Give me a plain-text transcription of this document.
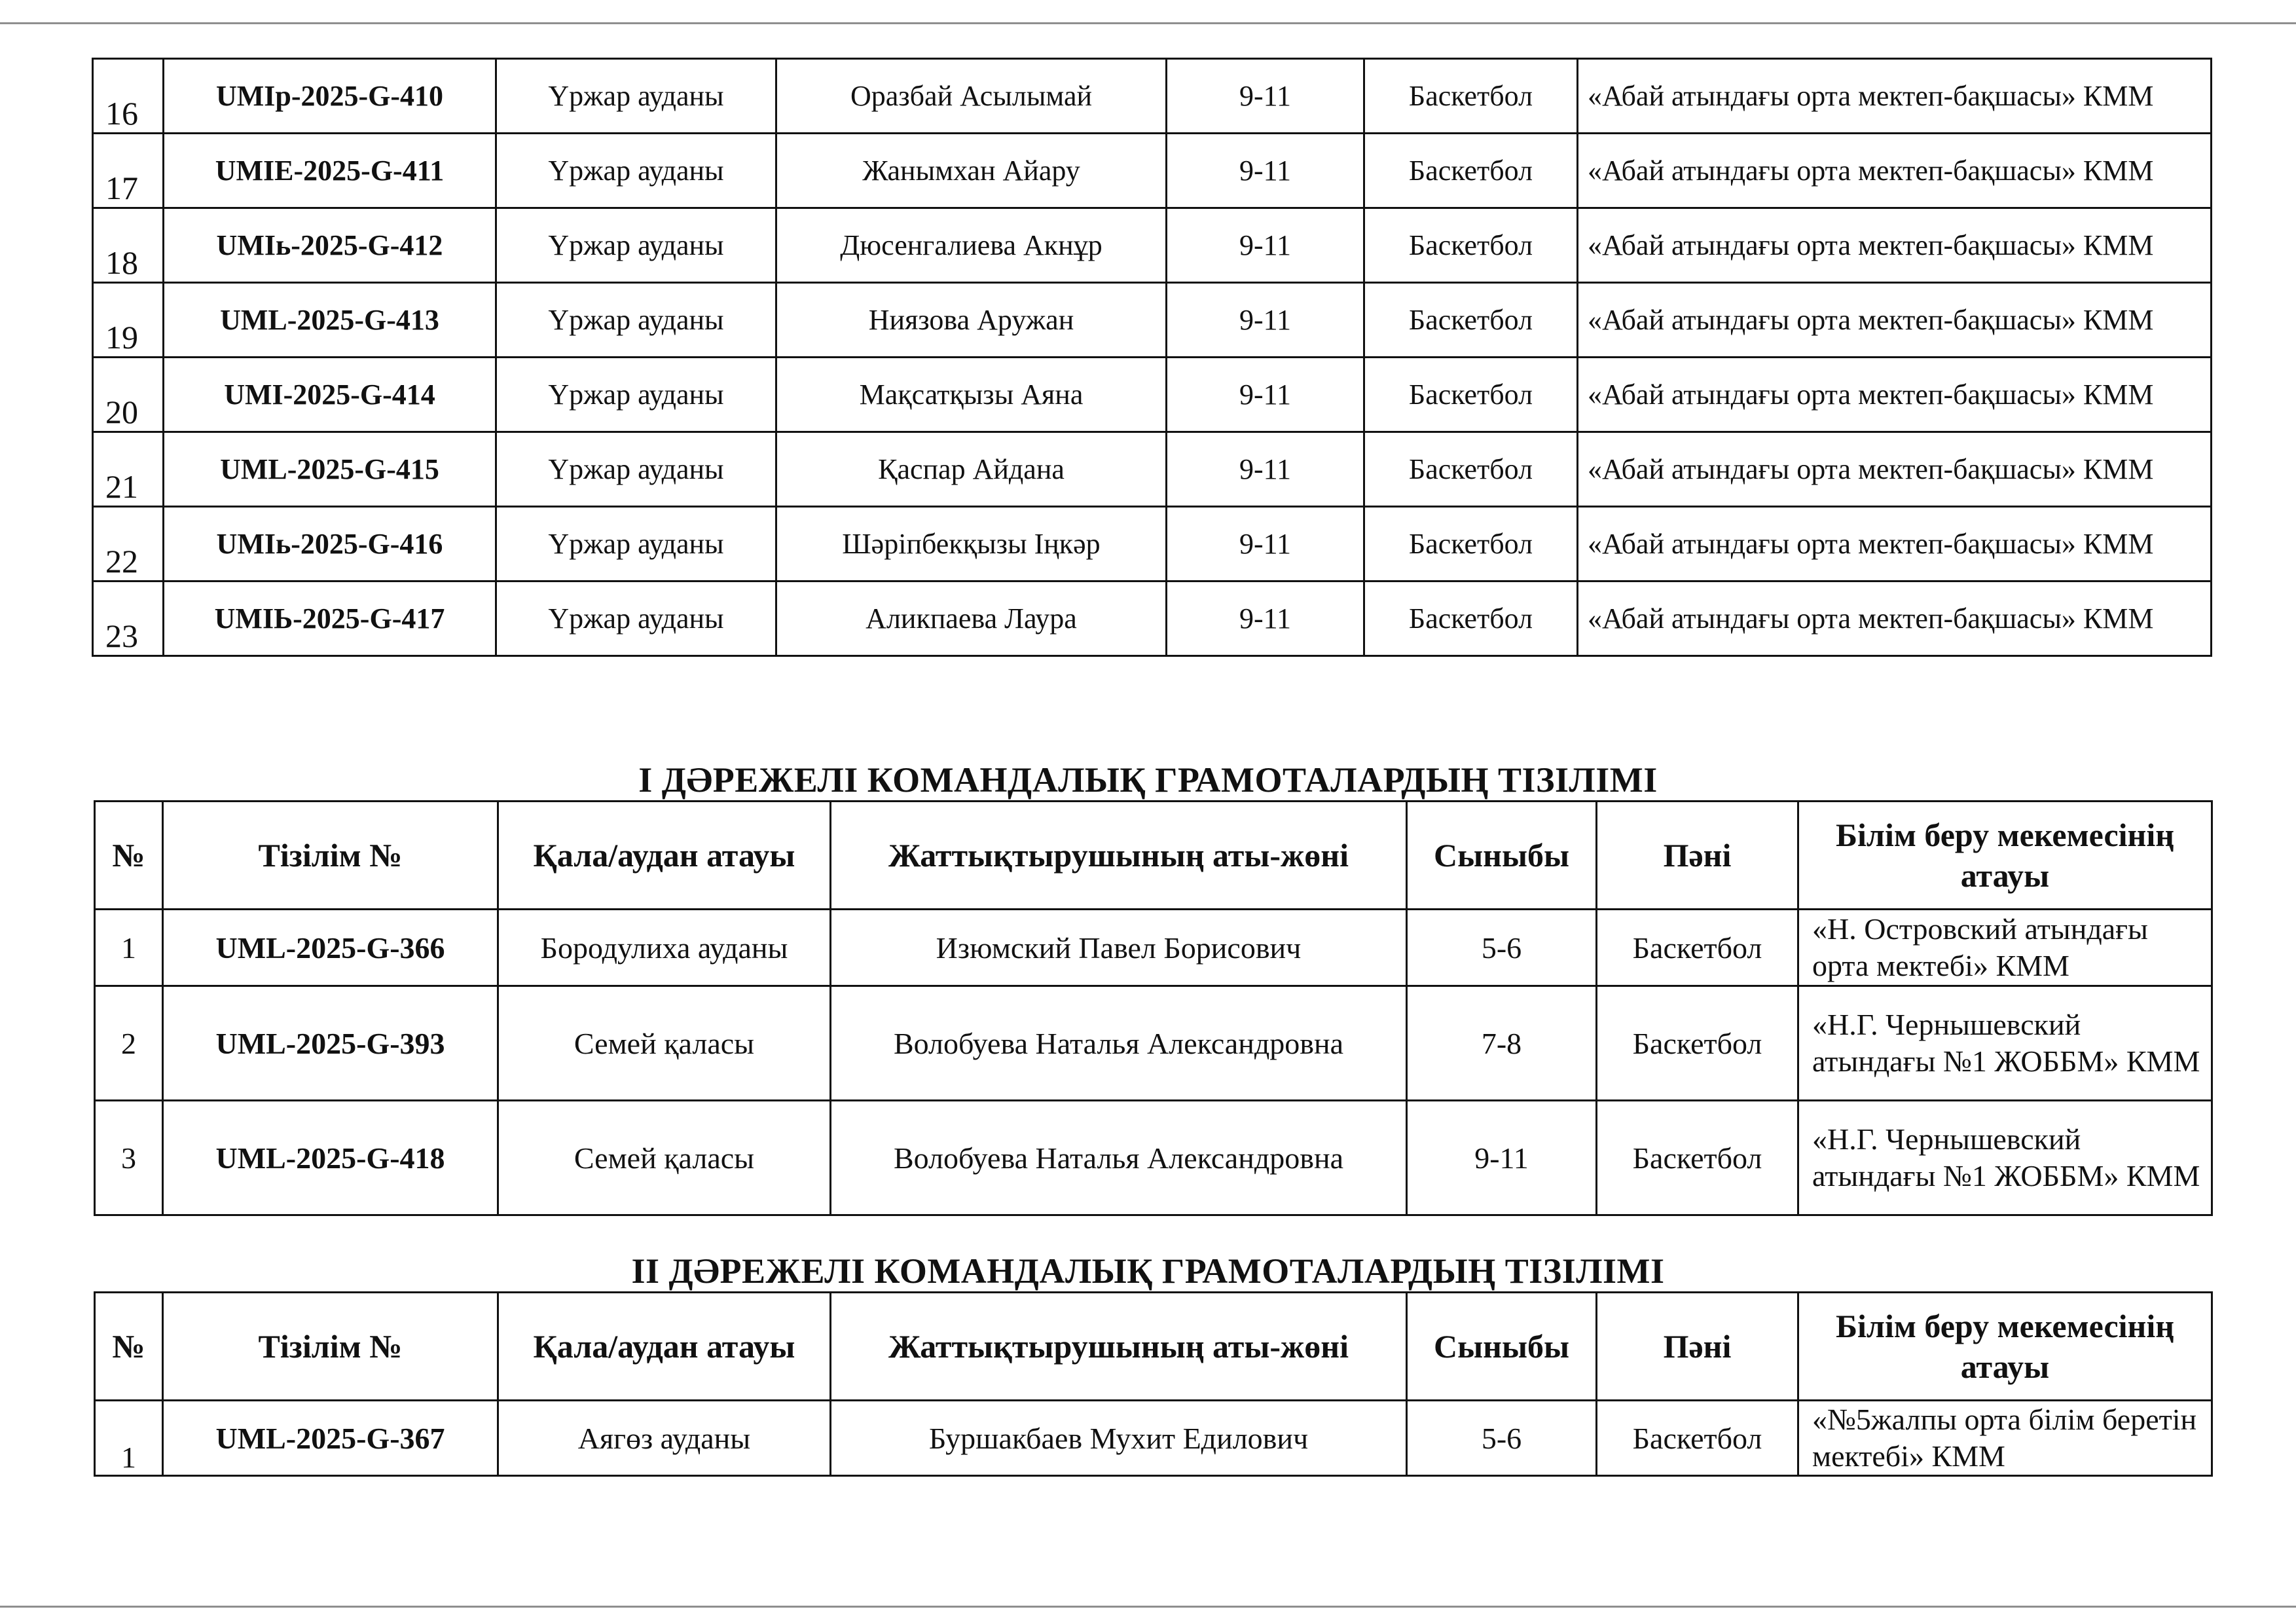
16	UMIр-2025-G-410	Үржар ауданы	Оразбай Асылымай	9-11	Баскетбол	«Абай атындағы орта мектеп-бақшасы» КММ
17	UMIЕ-2025-G-411	Үржар ауданы	Жанымхан Айару	9-11	Баскетбол	«Абай атындағы орта мектеп-бақшасы» КММ
18	UMIь-2025-G-412	Үржар ауданы	Дюсенгалиева Акнұр	9-11	Баскетбол	«Абай атындағы орта мектеп-бақшасы» КММ
19	UML-2025-G-413	Үржар ауданы	Ниязова Аружан	9-11	Баскетбол	«Абай атындағы орта мектеп-бақшасы» КММ
20	UMI-2025-G-414	Үржар ауданы	Мақсатқызы Аяна	9-11	Баскетбол	«Абай атындағы орта мектеп-бақшасы» КММ
21	UML-2025-G-415	Үржар ауданы	Қаспар Айдана	9-11	Баскетбол	«Абай атындағы орта мектеп-бақшасы» КММ
22	UMIь-2025-G-416	Үржар ауданы	Шәріпбекқызы Іңкәр	9-11	Баскетбол	«Абай атындағы орта мектеп-бақшасы» КММ
23	UMIЬ-2025-G-417	Үржар ауданы	Аликпаева Лаура	9-11	Баскетбол	«Абай атындағы орта мектеп-бақшасы» КММ
І ДӘРЕЖЕЛІ КОМАНДАЛЫҚ ГРАМОТАЛАРДЫҢ ТІЗІЛІМІ
№	Тізілім №	Қала/аудан атауы	Жаттықтырушының аты-жөні	Сыныбы	Пәні	Білім беру мекемесінің атауы
1	UML-2025-G-366	Бородулиха ауданы	Изюмский Павел Борисович	5-6	Баскетбол	«Н. Островский атындағы орта мектебі» КММ
2	UML-2025-G-393	Семей қаласы	Волобуева Наталья Александровна	7-8	Баскетбол	«Н.Г. Чернышевский атындағы №1 ЖОББМ» КММ
3	UML-2025-G-418	Семей қаласы	Волобуева Наталья Александровна	9-11	Баскетбол	«Н.Г. Чернышевский атындағы №1 ЖОББМ» КММ
ІІ ДӘРЕЖЕЛІ КОМАНДАЛЫҚ ГРАМОТАЛАРДЫҢ ТІЗІЛІМІ
№	Тізілім №	Қала/аудан атауы	Жаттықтырушының аты-жөні	Сыныбы	Пәні	Білім беру мекемесінің атауы
1	UML-2025-G-367	Аягөз ауданы	Буршакбаев Мухит Едилович	5-6	Баскетбол	«№5жалпы орта білім беретін мектебі» КММ
